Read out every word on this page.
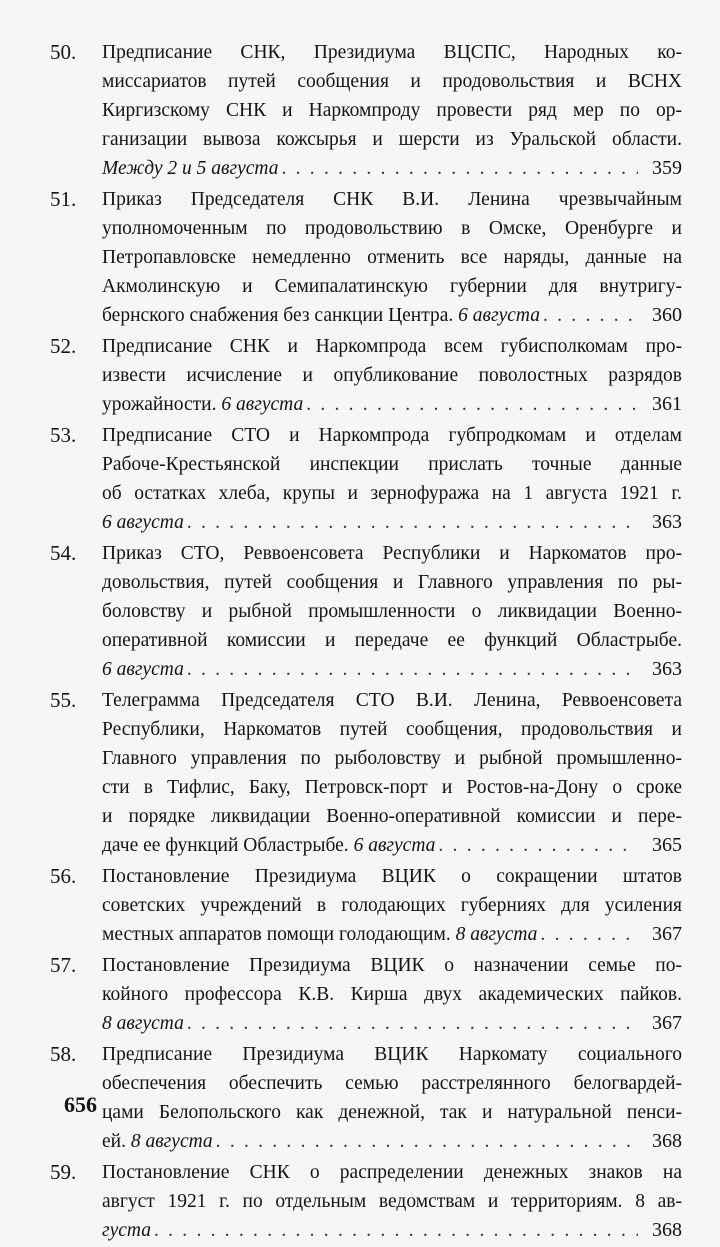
50. Предписание СНК, Президиума ВЦСПС, Народных ко-
миссариатов путей сообщения и продовольствия и ВСНХ
Киргизскому СНК и Наркомпроду провести ряд мер по ор-
ганизации вывоза кожсырья и шерсти из Уральской области.
Между 2 и 5 августа . . .	359
51. Приказ Председателя СНК В.И. Ленина чрезвычайным
уполномоченным по продовольствию в Омске, Оренбурге и
Петропавловске немедленно отменить все наряды, данные на
Акмолинскую и Семипалатинскую губернии для внутригу-
бернского снабжения без санкции Центра. 6 августа . . .	360
52. Предписание СНК и Наркомпрода всем губисполкомам про-
извести исчисление и опубликование поволостных разрядов
урожайности. 6 августа . . .	361
53. Предписание СТО и Наркомпрода губпродкомам и отделам
Рабоче-Крестьянской инспекции прислать точные данные
об остатках хлеба, крупы и зернофуража на 1 августа 1921 г.
6 августа . . .	363
54. Приказ СТО, Реввоенсовета Республики и Наркоматов про-
довольствия, путей сообщения и Главного управления по ры-
боловству и рыбной промышленности о ликвидации Военно-
оперативной комиссии и передаче ее функций Областрыбе.
6 августа . . .	363
55. Телеграмма Председателя СТО В.И. Ленина, Реввоенсовета
Республики, Наркоматов путей сообщения, продовольствия и
Главного управления по рыболовству и рыбной промышленно-
сти в Тифлис, Баку, Петровск-порт и Ростов-на-Дону о сроке
и порядке ликвидации Военно-оперативной комиссии и пере-
даче ее функций Областрыбе. 6 августа . . .	365
56. Постановление Президиума ВЦИК о сокращении штатов
советских учреждений в голодающих губерниях для усиления
местных аппаратов помощи голодающим. 8 августа . . .	367
57. Постановление Президиума ВЦИК о назначении семье по-
койного профессора К.В. Кирша двух академических пайков.
8 августа . . .	367
58. Предписание Президиума ВЦИК Наркомату социального
обеспечения обеспечить семью расстрелянного белогвардей-
цами Белопольского как денежной, так и натуральной пенси-
ей. 8 августа . . .	368
59. Постановление СНК о распределении денежных знаков на
август 1921 г. по отдельным ведомствам и территориям. 8 ав-
густа . . .	368
656
